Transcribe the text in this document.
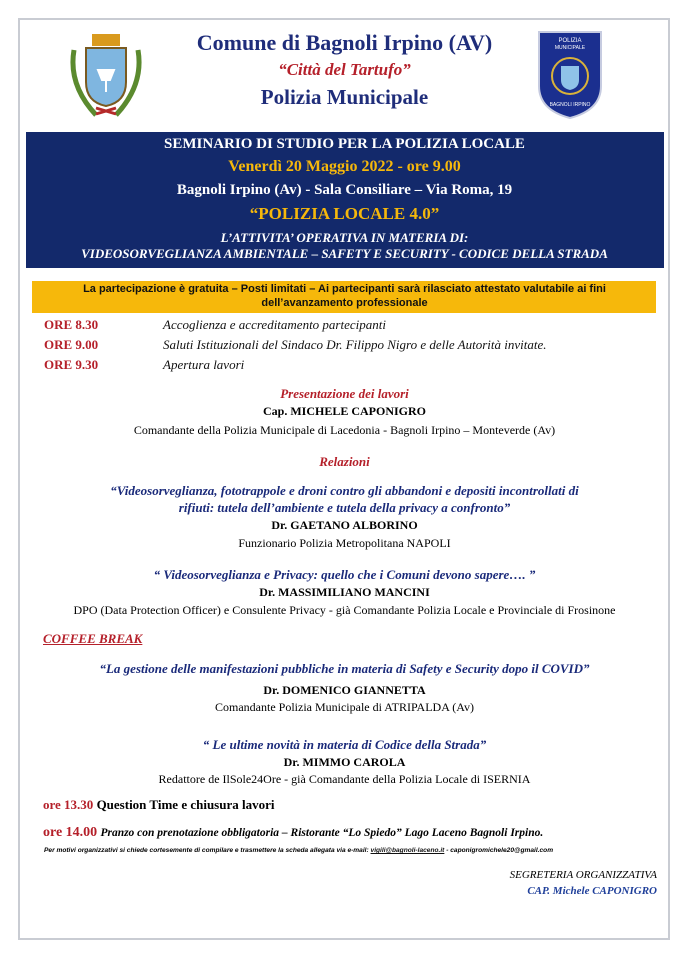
POLIZIA
MUNICIPALE
BAGNOLI IRPINO
Comune di Bagnoli Irpino (AV)
“Città del Tartufo”
Polizia Municipale
SEMINARIO DI STUDIO PER LA POLIZIA LOCALE
Venerdì 20 Maggio 2022 - ore 9.00
Bagnoli Irpino (Av) - Sala Consiliare – Via Roma, 19
“POLIZIA LOCALE 4.0”
L’ATTIVITA’ OPERATIVA IN MATERIA DI:
VIDEOSORVEGLIANZA AMBIENTALE – SAFETY E SECURITY - CODICE DELLA STRADA
La partecipazione è gratuita – Posti limitati – Ai partecipanti sarà rilasciato attestato valutabile ai fini
dell’avanzamento professionale
ORE 8.30	Accoglienza e accreditamento partecipanti
ORE 9.00	Saluti Istituzionali del Sindaco Dr. Filippo Nigro e delle Autorità invitate.
ORE 9.30	Apertura lavori
Presentazione dei lavori
Cap. MICHELE CAPONIGRO
Comandante della Polizia Municipale di Lacedonia - Bagnoli Irpino – Monteverde (Av)
Relazioni
“Videosorveglianza, fototrappole e droni contro gli abbandoni e depositi incontrollati di
rifiuti: tutela dell’ambiente e tutela della privacy a confronto”
Dr. GAETANO ALBORINO
Funzionario Polizia Metropolitana NAPOLI
“ Videosorveglianza e Privacy: quello che i Comuni devono sapere…. ”
Dr. MASSIMILIANO MANCINI
DPO (Data Protection Officer) e Consulente Privacy - già Comandante Polizia Locale e Provinciale di Frosinone
COFFEE BREAK
“La gestione delle manifestazioni pubbliche in materia di Safety e Security dopo il COVID”
Dr. DOMENICO GIANNETTA
Comandante Polizia Municipale di ATRIPALDA (Av)
“ Le ultime novità in materia di Codice della Strada”
Dr. MIMMO CAROLA
Redattore de IlSole24Ore - già Comandante della Polizia Locale di ISERNIA
ore 13.30 Question Time e chiusura lavori
ore 14.00 Pranzo con prenotazione obbligatoria – Ristorante “Lo Spiedo” Lago Laceno Bagnoli Irpino.
Per motivi organizzativi si chiede cortesemente di compilare e trasmettere la scheda allegata via e-mail: vigili@bagnoli-laceno.it - caponigromichele20@gmail.com
SEGRETERIA ORGANIZZATIVA
CAP. Michele CAPONIGRO
